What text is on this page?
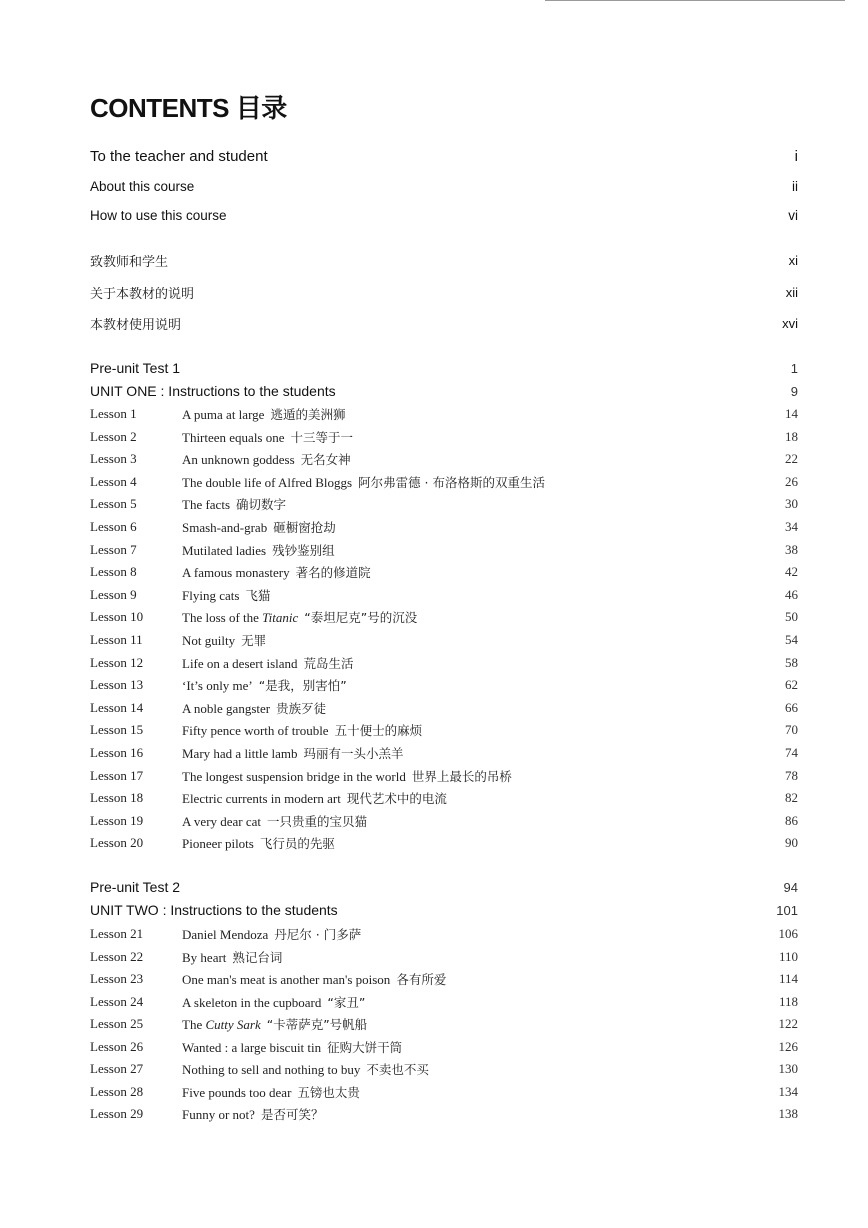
CONTENTS 目录
To the teacher and student	i
About this course	ii
How to use this course	vi
致教师和学生	xi
关于本教材的说明	xii
本教材使用说明	xvi
Pre-unit Test 1	1
UNIT ONE : Instructions to the students	9
Lesson 1	A puma at large 逃遁的美洲狮	14
Lesson 2	Thirteen equals one 十三等于一	18
Lesson 3	An unknown goddess 无名女神	22
Lesson 4	The double life of Alfred Bloggs 阿尔弗雷德 · 布洛格斯的双重生活	26
Lesson 5	The facts 确切数字	30
Lesson 6	Smash-and-grab 砸橱窗抢劫	34
Lesson 7	Mutilated ladies 残钞鉴别组	38
Lesson 8	A famous monastery 著名的修道院	42
Lesson 9	Flying cats 飞猫	46
Lesson 10	The loss of the Titanic “泰坦尼克”号的沉没	50
Lesson 11	Not guilty 无罪	54
Lesson 12	Life on a desert island 荒岛生活	58
Lesson 13	‘It’s only me’ “是我，别害怕”	62
Lesson 14	A noble gangster 贵族歹徒	66
Lesson 15	Fifty pence worth of trouble 五十便士的麻烦	70
Lesson 16	Mary had a little lamb 玛丽有一头小羔羊	74
Lesson 17	The longest suspension bridge in the world 世界上最长的吊桥	78
Lesson 18	Electric currents in modern art 现代艺术中的电流	82
Lesson 19	A very dear cat 一只贵重的宝贝猫	86
Lesson 20	Pioneer pilots 飞行员的先驱	90
Pre-unit Test 2	94
UNIT TWO : Instructions to the students	101
Lesson 21	Daniel Mendoza 丹尼尔 · 门多萨	106
Lesson 22	By heart 熟记台词	110
Lesson 23	One man's meat is another man's poison 各有所爱	114
Lesson 24	A skeleton in the cupboard “家丑”	118
Lesson 25	The Cutty Sark “卡蒂萨克”号帆船	122
Lesson 26	Wanted : a large biscuit tin 征购大饼干筒	126
Lesson 27	Nothing to sell and nothing to buy 不卖也不买	130
Lesson 28	Five pounds too dear 五镑也太贵	134
Lesson 29	Funny or not? 是否可笑？	138
